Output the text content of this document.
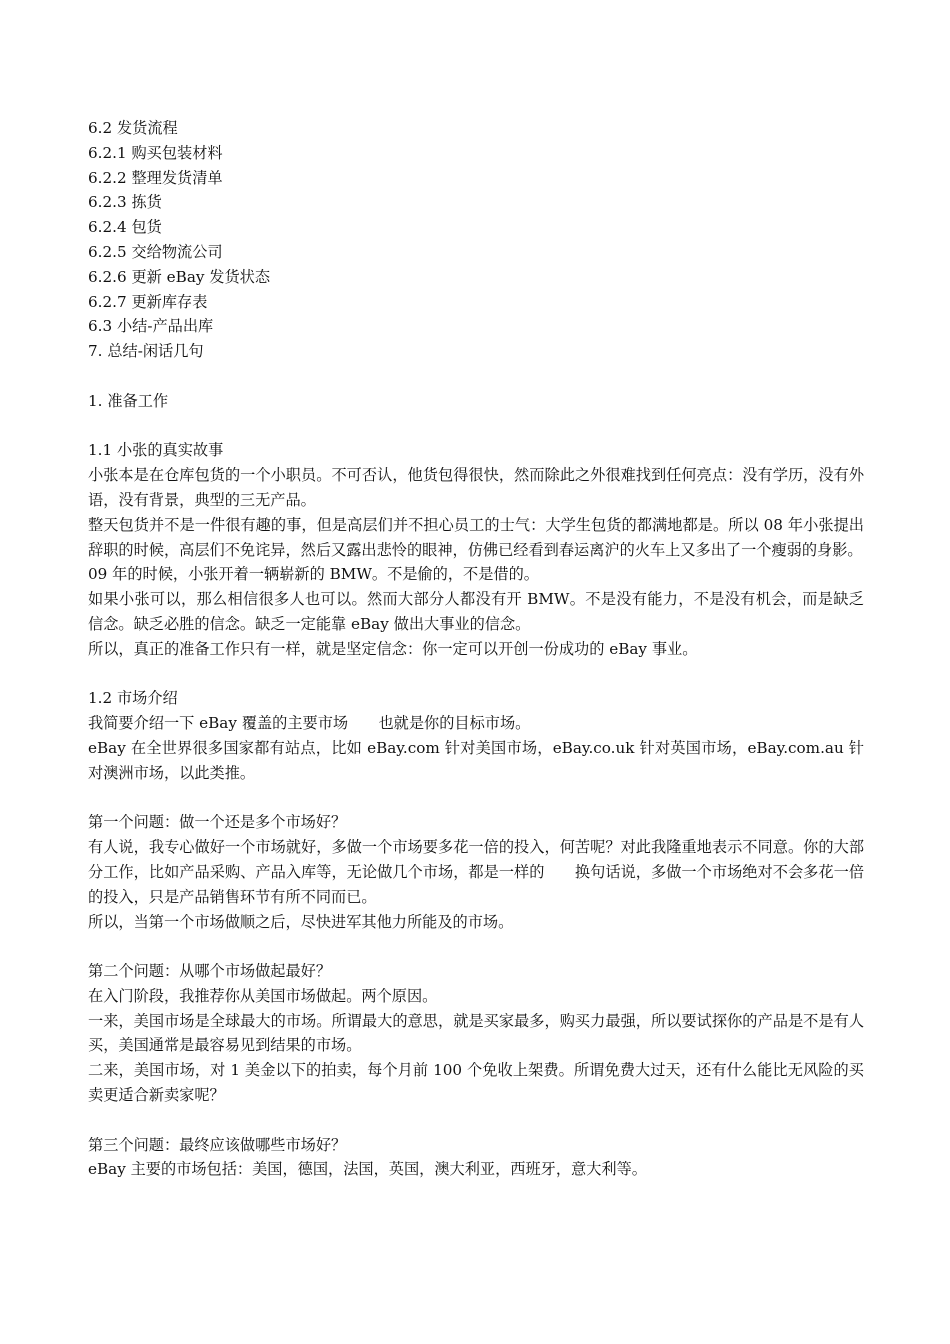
6.2 发货流程
6.2.1 购买包装材料
6.2.2 整理发货清单
6.2.3 拣货
6.2.4 包货
6.2.5 交给物流公司
6.2.6 更新 eBay 发货状态
6.2.7 更新库存表
6.3 小结-产品出库
7. 总结-闲话几句
1. 准备工作
1.1 小张的真实故事
小张本是在仓库包货的一个小职员。不可否认，他货包得很快，然而除此之外很难找到任何亮点：没有学历，没有外语，没有背景，典型的三无产品。
整天包货并不是一件很有趣的事，但是高层们并不担心员工的士气：大学生包货的都满地都是。所以 08 年小张提出辞职的时候，高层们不免诧异，然后又露出悲怜的眼神，仿佛已经看到春运离沪的火车上又多出了一个瘦弱的身影。
09 年的时候，小张开着一辆崭新的 BMW。不是偷的，不是借的。
如果小张可以，那么相信很多人也可以。然而大部分人都没有开 BMW。不是没有能力，不是没有机会，而是缺乏信念。缺乏必胜的信念。缺乏一定能靠 eBay 做出大事业的信念。
所以，真正的准备工作只有一样，就是坚定信念：你一定可以开创一份成功的 eBay 事业。
1.2 市场介绍
我简要介绍一下 eBay 覆盖的主要市场　　也就是你的目标市场。
eBay 在全世界很多国家都有站点，比如 eBay.com 针对美国市场，eBay.co.uk 针对英国市场，eBay.com.au 针对澳洲市场，以此类推。
第一个问题：做一个还是多个市场好？
有人说，我专心做好一个市场就好，多做一个市场要多花一倍的投入，何苦呢？对此我隆重地表示不同意。你的大部分工作，比如产品采购、产品入库等，无论做几个市场，都是一样的　　换句话说，多做一个市场绝对不会多花一倍的投入，只是产品销售环节有所不同而已。
所以，当第一个市场做顺之后，尽快进军其他力所能及的市场。
第二个问题：从哪个市场做起最好？
在入门阶段，我推荐你从美国市场做起。两个原因。
一来，美国市场是全球最大的市场。所谓最大的意思，就是买家最多，购买力最强，所以要试探你的产品是不是有人买，美国通常是最容易见到结果的市场。
二来，美国市场，对 1 美金以下的拍卖，每个月前 100 个免收上架费。所谓免费大过天，还有什么能比无风险的买卖更适合新卖家呢？
第三个问题：最终应该做哪些市场好？
eBay 主要的市场包括：美国，德国，法国，英国，澳大利亚，西班牙，意大利等。
